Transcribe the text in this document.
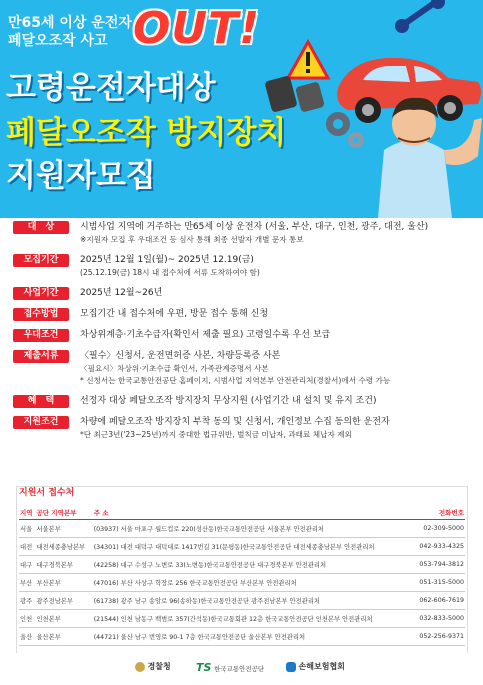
만65세 이상 운전자
페달오조작 사고 OUT!
고령운전자대상
페달오조작 방지장치
지원자모집
대　상	시범사업 지역에 거주하는 만65세 이상 운전자 (서울, 부산, 대구, 인천, 광주, 대전, 울산)
※지원자 모집 후 우대조건 등 심사 통해 최종 선발자 개별 문자 통보
모집기간	2025년 12월 1일(월)~ 2025년 12.19(금)
(25.12.19(금) 18시 내 접수처에 서류 도착하여야 함)
사업기간	2025년 12월~26년
접수방법	모집기간 내 접수처에 우편, 방문 접수 통해 신청
우대조건	차상위계층·기초수급자(확인서 제출 필요) 고령일수록 우선 보급
제출서류	〈필수〉신청서, 운전면허증 사본, 차량등록증 사본
〈필요시〉차상위·기초수급 확인서, 가족관계증명서 사본
* 신청서는 한국교통안전공단 홈페이지, 시범사업 지역본부 안전관리처(경찰서)에서 수령 가능
혜　택	선정자 대상 페달오조작 방지장치 무상지원 (사업기간 내 설치 및 유지 조건)
지원조건	차량에 페달오조작 방지장치 부착 동의 및 신청서, 개인정보 수집 동의한 운전자
*단 최근3년('23~25년)까지 중대한 법규위반, 벌칙금 미납자, 과태료 체납자 제외
지원서 접수처
지역	공단 지역본부	주 소	전화번호
서울	서울본부	(03937) 서울 마포구 월드컵로 220(성산동)한국교통안전공단 서울본부 안전관리처	02-309-5000
대전	대전세종충남본부	(34301) 대전 대덕구 대덕대로 1417번길 31(문평동)한국교통안전공단 대전세종충남본부 안전관리처	042-933-4325
대구	대구경북본부	(42258) 대구 수성구 노변로 33(노변동)한국교통안전공단 대구경북본부 안전관리처	053-794-3812
부산	부산본부	(47016) 부산 사상구 학장로 256 한국교통안전공단 부산본부 안전관리처	051-315-5000
광주	광주전남본부	(61738) 광주 남구 송암로 96(송하동)한국교통안전공단 광주전남본부 안전관리처	062-606-7619
인천	인천본부	(21544) 인천 남동구 백범로 357(간석동)한국교통회관 12층 한국교통안전공단 인천본부 안전관리처	032-833-5000
울산	울산본부	(44721) 울산 남구 번영로 90-1 7층 한국교통안전공단 울산본부 안전관리처	052-256-9371
경찰청 TS 한국교통안전공단	손해보험협회
